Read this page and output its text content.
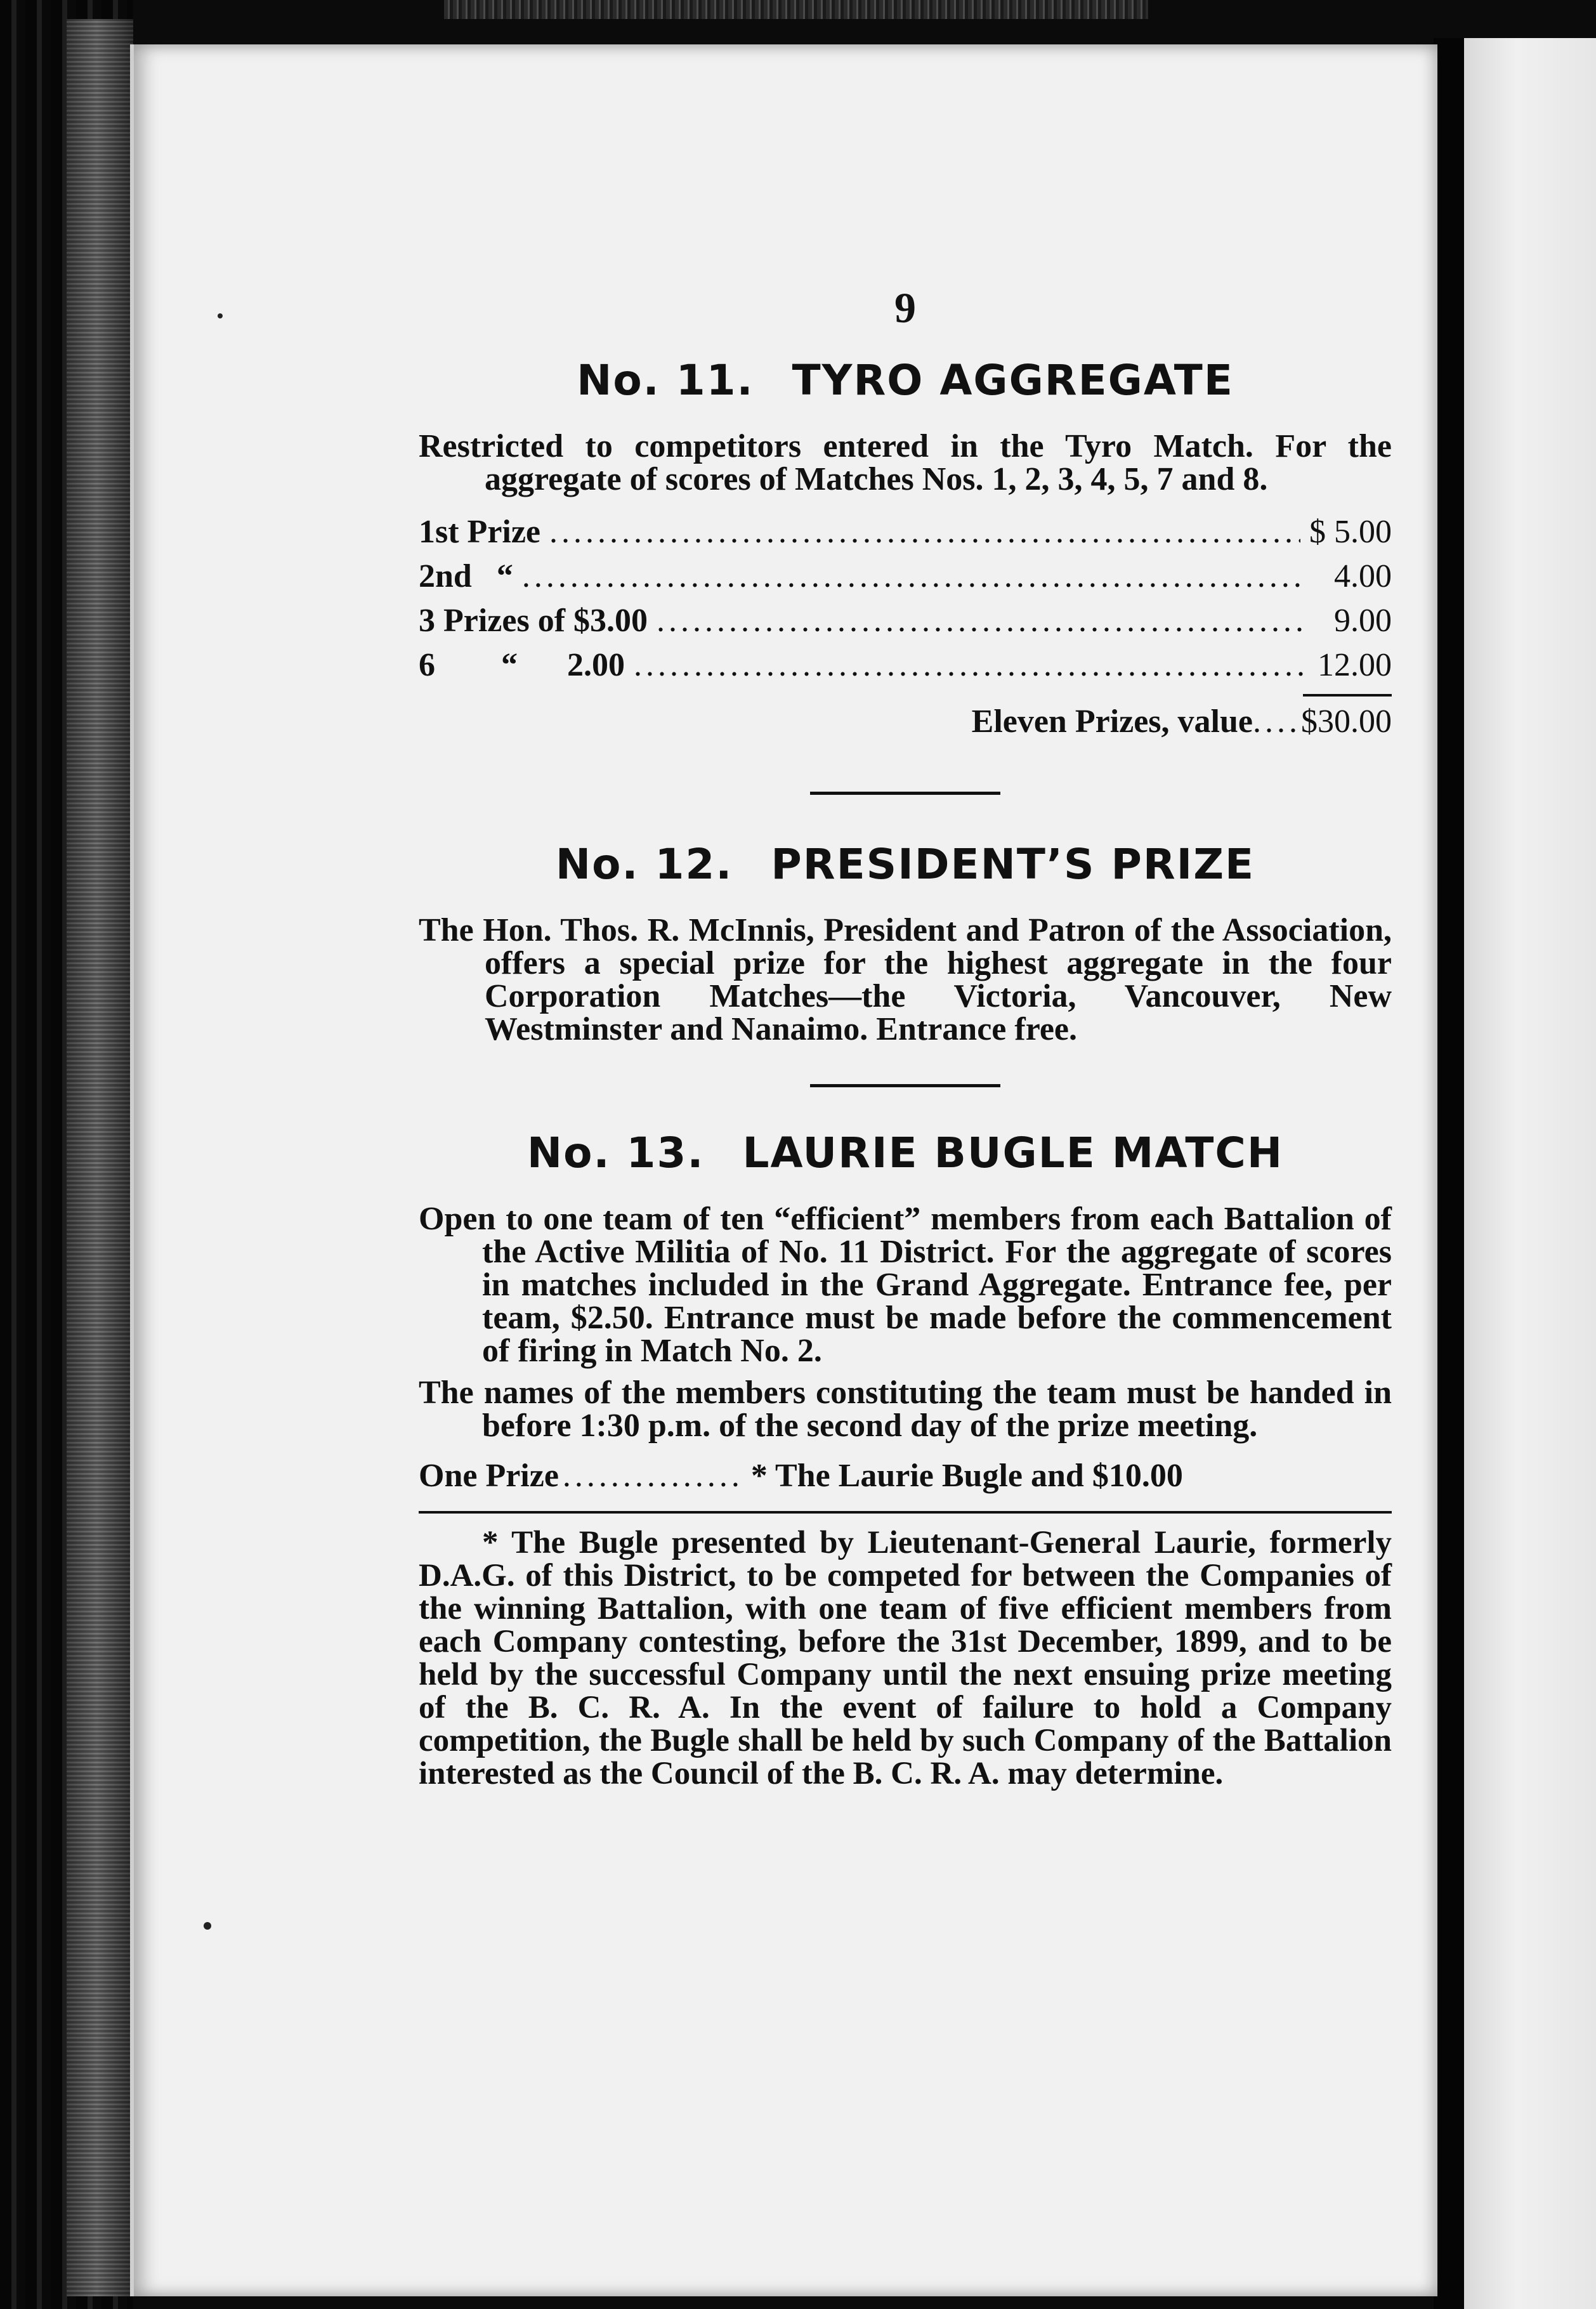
9
No. 11. TYRO AGGREGATE

Restricted to competitors entered in the Tyro Match. For the aggregate of scores of Matches Nos. 1, 2, 3, 4, 5, 7 and 8.

1st Prize .....	$ 5.00
2nd   “ .....	4.00
3 Prizes of $3.00 .....	9.00
6        “      2.00 .....	12.00
Eleven Prizes, value .... $30.00
No. 12. PRESIDENT’S PRIZE

The Hon. Thos. R. McInnis, President and Patron of the Association, offers a special prize for the highest aggregate in the four Corporation Matches—the Victoria, Vancouver, New Westminster and Nanaimo. Entrance free.

No. 13. LAURIE BUGLE MATCH

Open to one team of ten “efficient” members from each Battalion of the Active Militia of No. 11 District. For the aggregate of scores in matches included in the Grand Aggregate. Entrance fee, per team, $2.50. Entrance must be made before the commencement of firing in Match No. 2.

The names of the members constituting the team must be handed in before 1:30 p.m. of the second day of the prize meeting.

One Prize ............... * The Laurie Bugle and $10.00

* The Bugle presented by Lieutenant-General Laurie, formerly D.A.G. of this District, to be competed for between the Companies of the winning Battalion, with one team of five efficient members from each Company contesting, before the 31st December, 1899, and to be held by the successful Company until the next ensuing prize meeting of the B. C. R. A. In the event of failure to hold a Company competition, the Bugle shall be held by such Company of the Battalion interested as the Council of the B. C. R. A. may determine.
